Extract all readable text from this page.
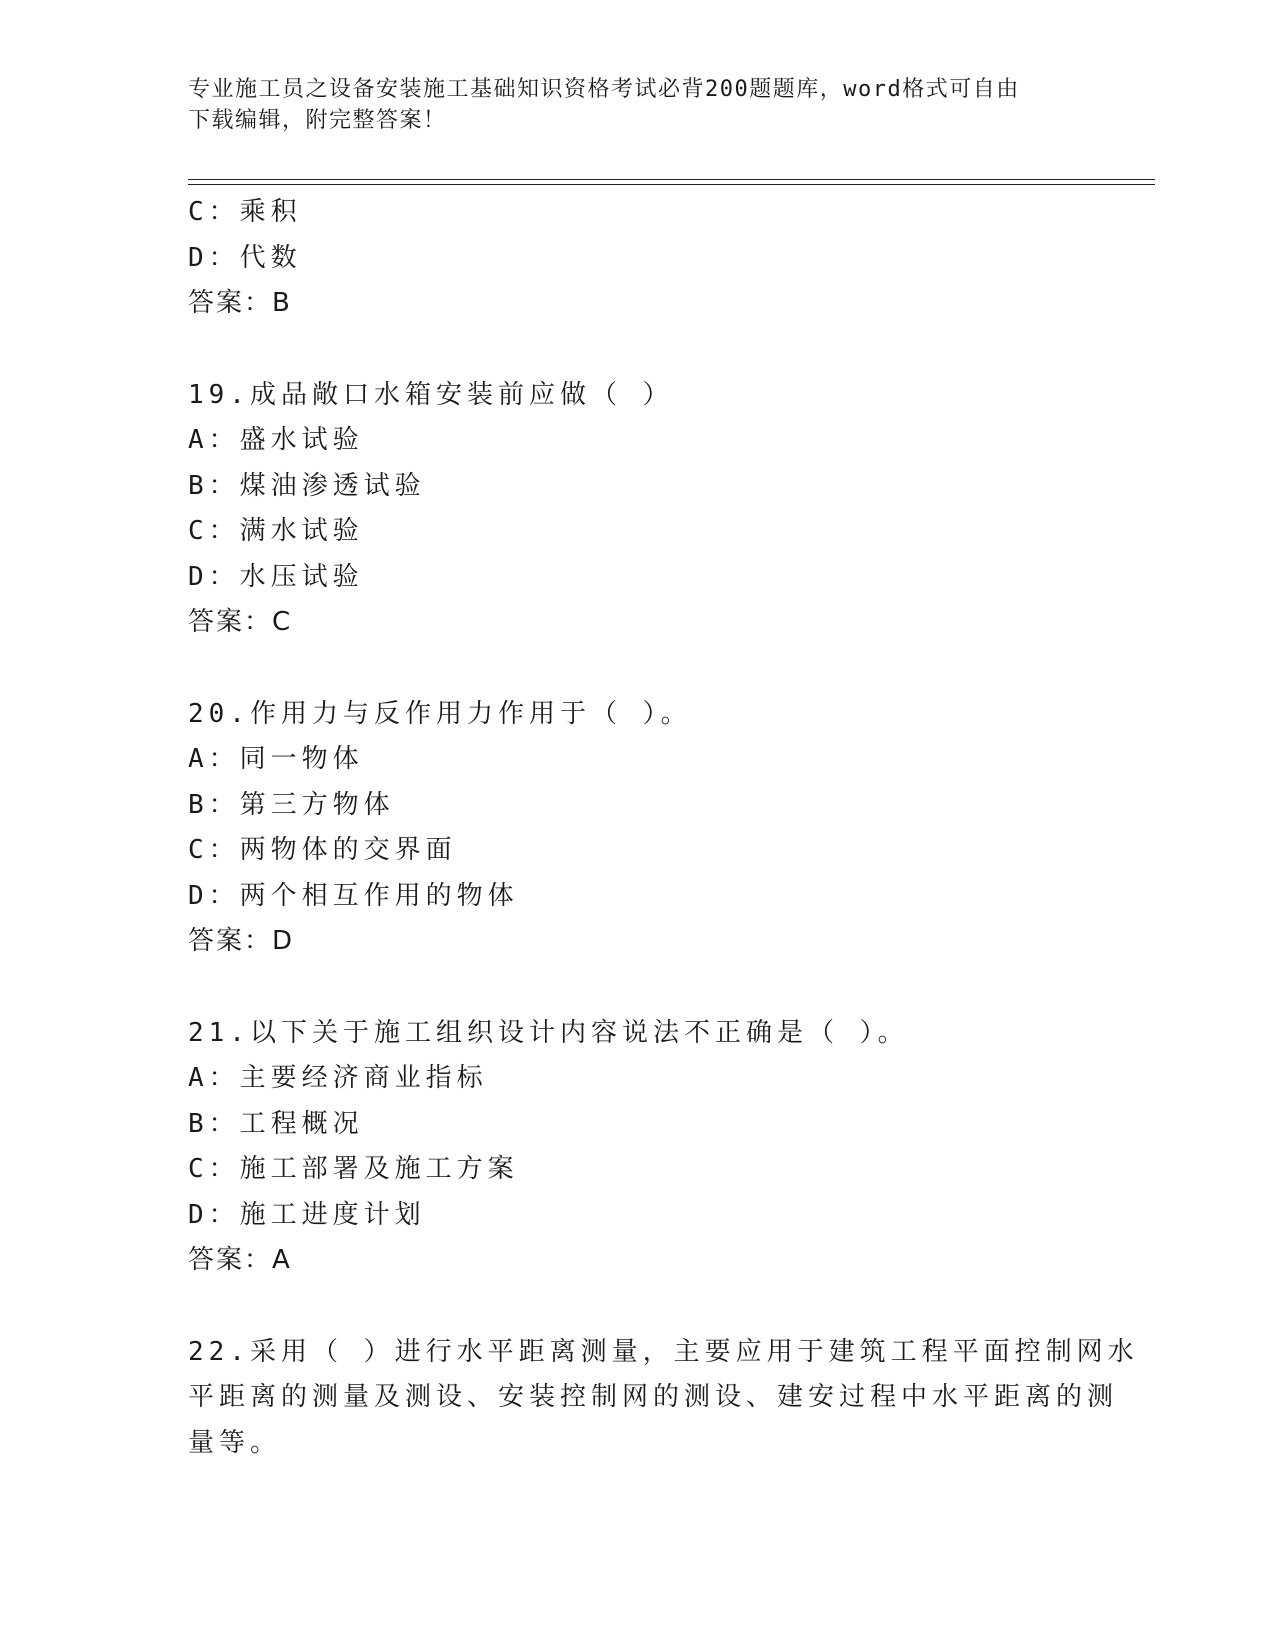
专业施工员之设备安装施工基础知识资格考试必背200题题库，word格式可自由
下载编辑，附完整答案！
C：乘积
D：代数
答案：B
19.成品敞口水箱安装前应做（ ）
A：盛水试验
B：煤油渗透试验
C：满水试验
D：水压试验
答案：C
20.作用力与反作用力作用于（ ）。
A：同一物体
B：第三方物体
C：两物体的交界面
D：两个相互作用的物体
答案：D
21.以下关于施工组织设计内容说法不正确是（ ）。
A：主要经济商业指标
B：工程概况
C：施工部署及施工方案
D：施工进度计划
答案：A
22.采用（ ）进行水平距离测量，主要应用于建筑工程平面控制网水
平距离的测量及测设、安装控制网的测设、建安过程中水平距离的测
量等。
